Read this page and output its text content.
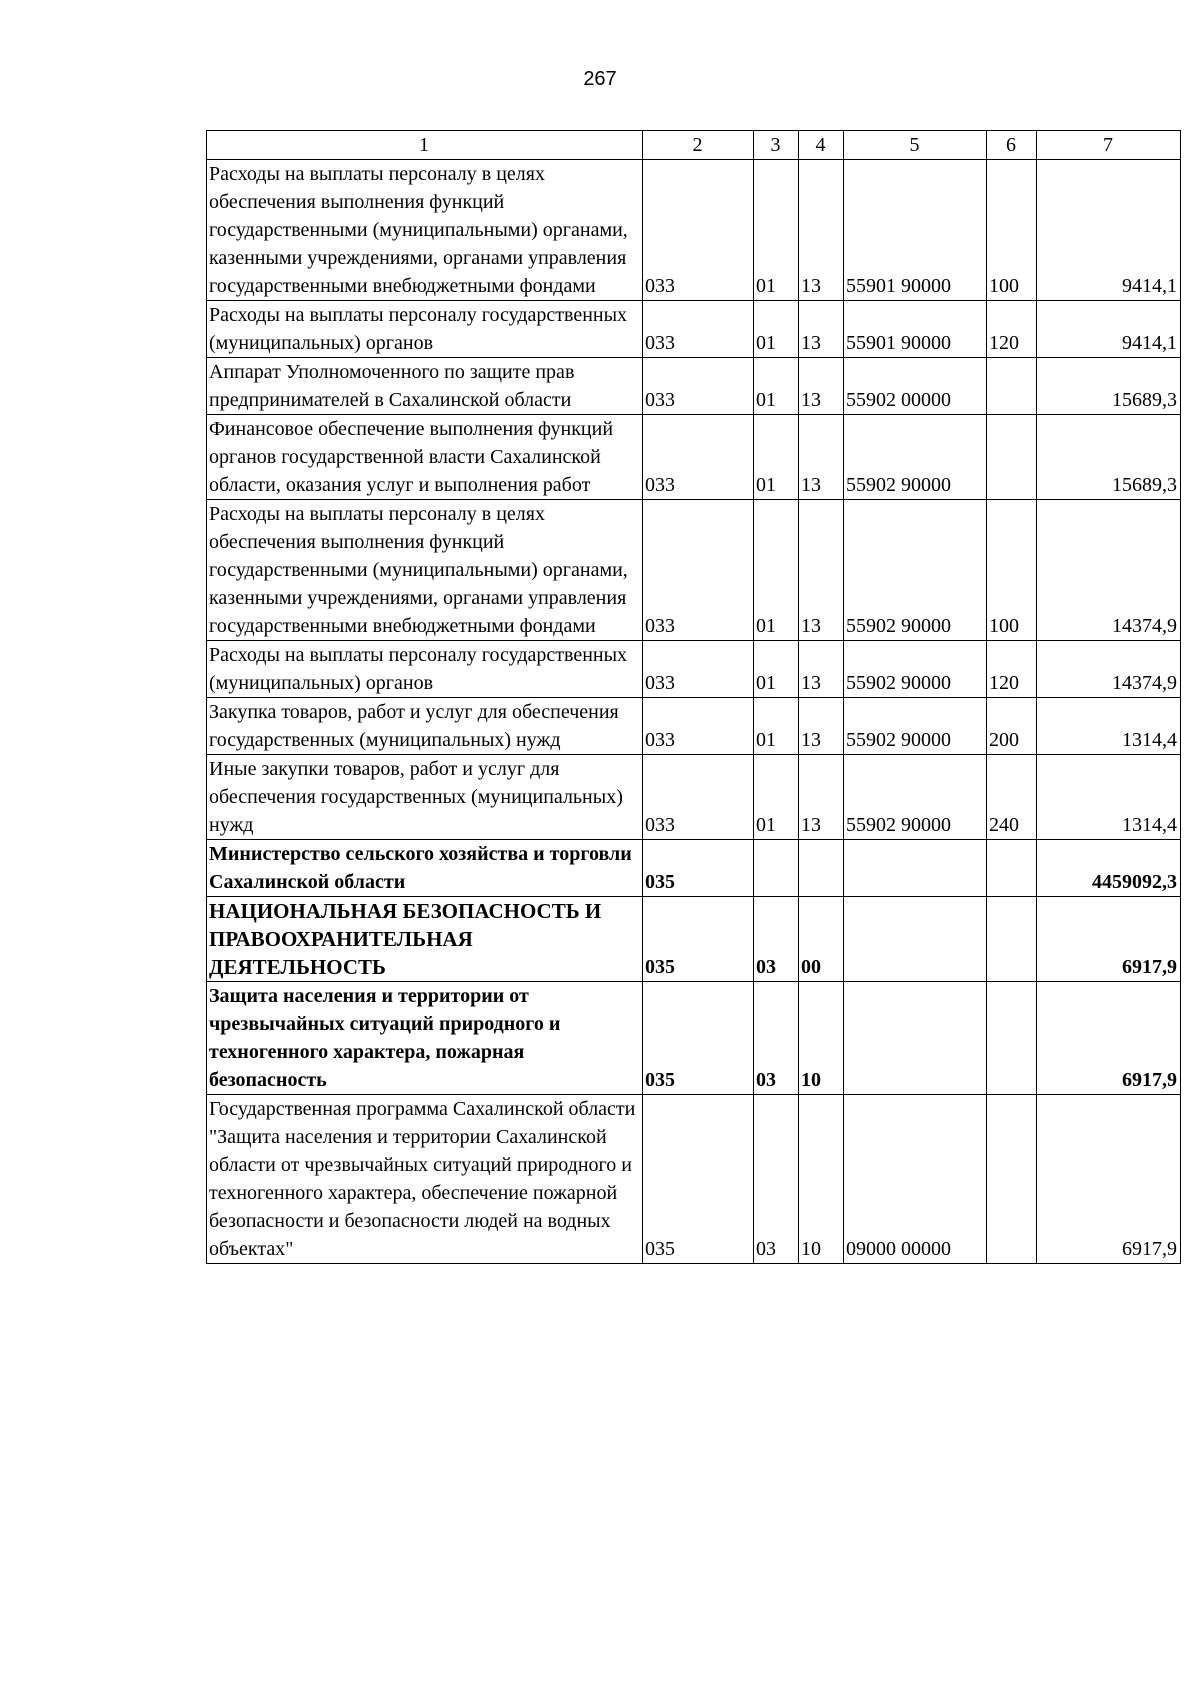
267
1	2	3	4	5	6	7
Расходы на выплаты персоналу в целях обеспечения выполнения функций государственными (муниципальными) органами, казенными учреждениями, органами управления государственными внебюджетными фондами	033	01	13	55901 90000	100	9414,1
Расходы на выплаты персоналу государственных (муниципальных) органов	033	01	13	55901 90000	120	9414,1
Аппарат Уполномоченного по защите прав предпринимателей в Сахалинской области	033	01	13	55902 00000		15689,3
Финансовое обеспечение выполнения функций органов государственной власти Сахалинской области, оказания услуг и выполнения работ	033	01	13	55902 90000		15689,3
Расходы на выплаты персоналу в целях обеспечения выполнения функций государственными (муниципальными) органами, казенными учреждениями, органами управления государственными внебюджетными фондами	033	01	13	55902 90000	100	14374,9
Расходы на выплаты персоналу государственных (муниципальных) органов	033	01	13	55902 90000	120	14374,9
Закупка товаров, работ и услуг для обеспечения государственных (муниципальных) нужд	033	01	13	55902 90000	200	1314,4
Иные закупки товаров, работ и услуг для обеспечения государственных (муниципальных) нужд	033	01	13	55902 90000	240	1314,4
Министерство сельского хозяйства и торговли Сахалинской области	035					4459092,3
НАЦИОНАЛЬНАЯ БЕЗОПАСНОСТЬ И ПРАВООХРАНИТЕЛЬНАЯ ДЕЯТЕЛЬНОСТЬ	035	03	00			6917,9
Защита населения и территории от чрезвычайных ситуаций природного и техногенного характера, пожарная безопасность	035	03	10			6917,9
Государственная программа Сахалинской области "Защита населения и территории Сахалинской области от чрезвычайных ситуаций природного и техногенного характера, обеспечение пожарной безопасности и безопасности людей на водных объектах"	035	03	10	09000 00000		6917,9
